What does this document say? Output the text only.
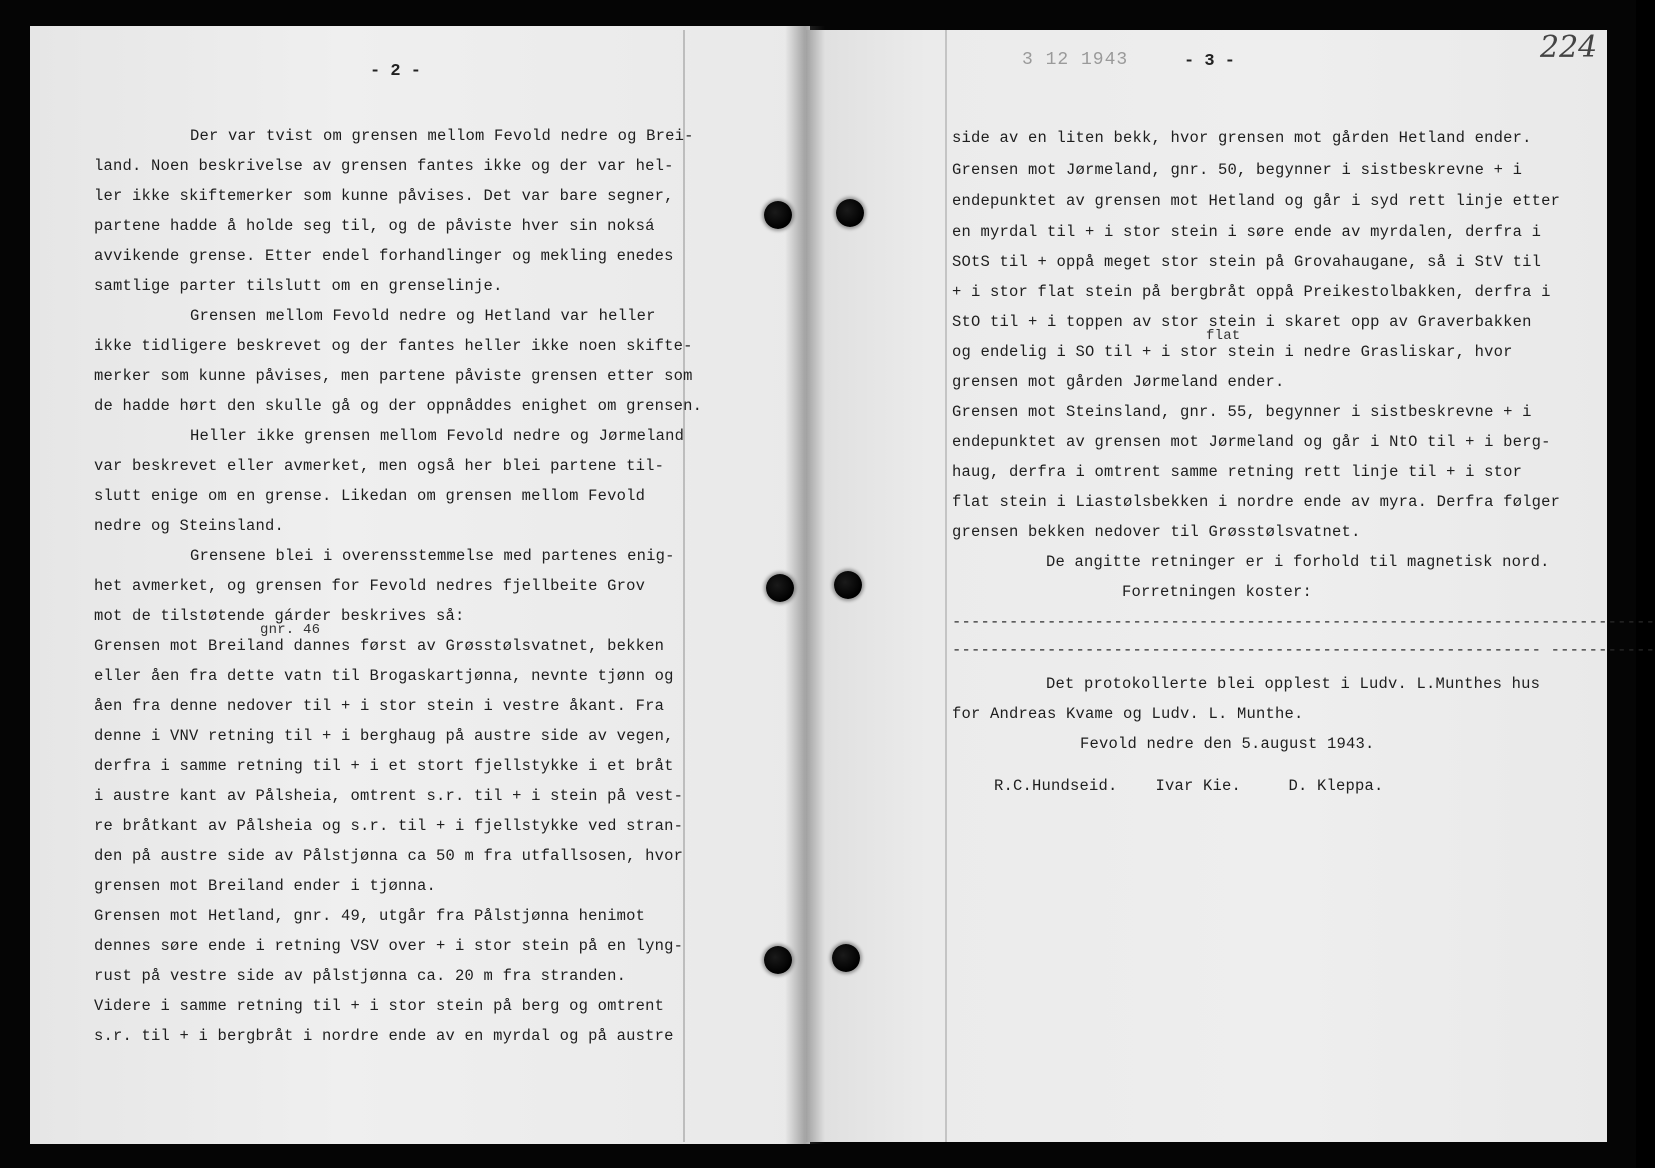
- 2 -
Der var tvist om grensen mellom Fevold nedre og Brei-
land. Noen beskrivelse av grensen fantes ikke og der var hel-
ler ikke skiftemerker som kunne påvises. Det var bare segner,
partene hadde å holde seg til, og de påviste hver sin noksá
avvikende grense. Etter endel forhandlinger og mekling enedes
samtlige parter tilslutt om en grenselinje.
Grensen mellom Fevold nedre og Hetland var heller
ikke tidligere beskrevet og der fantes heller ikke noen skifte-
merker som kunne påvises, men partene påviste grensen etter som
de hadde hørt den skulle gå og der oppnåddes enighet om grensen.
Heller ikke grensen mellom Fevold nedre og Jørmeland
var beskrevet eller avmerket, men også her blei partene til-
slutt enige om en grense. Likedan om grensen mellom Fevold
nedre og Steinsland.
Grensene blei i overensstemmelse med partenes enig-
het avmerket, og grensen for Fevold nedres fjellbeite Grov
mot de tilstøtende gárder beskrives så:
gnr. 46
Grensen mot Breiland dannes først av Grøsstølsvatnet, bekken
eller åen fra dette vatn til Brogaskartjønna, nevnte tjønn og
åen fra denne nedover til + i stor stein i vestre åkant. Fra
denne i VNV retning til + i berghaug på austre side av vegen,
derfra i samme retning til + i et stort fjellstykke i et bråt
i austre kant av Pålsheia, omtrent s.r. til + i stein på vest-
re bråtkant av Pålsheia og s.r. til + i fjellstykke ved stran-
den på austre side av Pålstjønna ca 50 m fra utfallsosen, hvor
grensen mot Breiland ender i tjønna.
Grensen mot Hetland, gnr. 49, utgår fra Pålstjønna henimot
dennes søre ende i retning VSV over + i stor stein på en lyng-
rust på vestre side av pålstjønna ca. 20 m fra stranden.
Videre i samme retning til + i stor stein på berg og omtrent
s.r. til + i bergbråt i nordre ende av en myrdal og på austre
3 12 1943	- 3 -	224
side av en liten bekk, hvor grensen mot gården Hetland ender.
Grensen mot Jørmeland, gnr. 50, begynner i sistbeskrevne + i
endepunktet av grensen mot Hetland og går i syd rett linje etter
en myrdal til + i stor stein i søre ende av myrdalen, derfra i
SOtS til + oppå meget stor stein på Grovahaugane, så i StV til
+ i stor flat stein på bergbråt oppå Preikestolbakken, derfra i
StO til + i toppen av stor stein i skaret opp av Graverbakken
flat
og endelig i SO til + i stor stein i nedre Grasliskar, hvor
grensen mot gården Jørmeland ender.
Grensen mot Steinsland, gnr. 55, begynner i sistbeskrevne + i
endepunktet av grensen mot Jørmeland og går i NtO til + i berg-
haug, derfra i omtrent samme retning rett linje til + i stor
flat stein i Liastølsbekken i nordre ende av myra. Derfra følger
grensen bekken nedover til Grøsstølsvatnet.
De angitte retninger er i forhold til magnetisk nord.
Forretningen koster:
--------------------------------------------------------------------------
-------------------------------------------------------------- -----------
Det protokollerte blei opplest i Ludv. L.Munthes hus
for Andreas Kvame og Ludv. L. Munthe.
Fevold nedre den 5.august 1943.
R.C.Hundseid.    Ivar Kie.     D. Kleppa.
